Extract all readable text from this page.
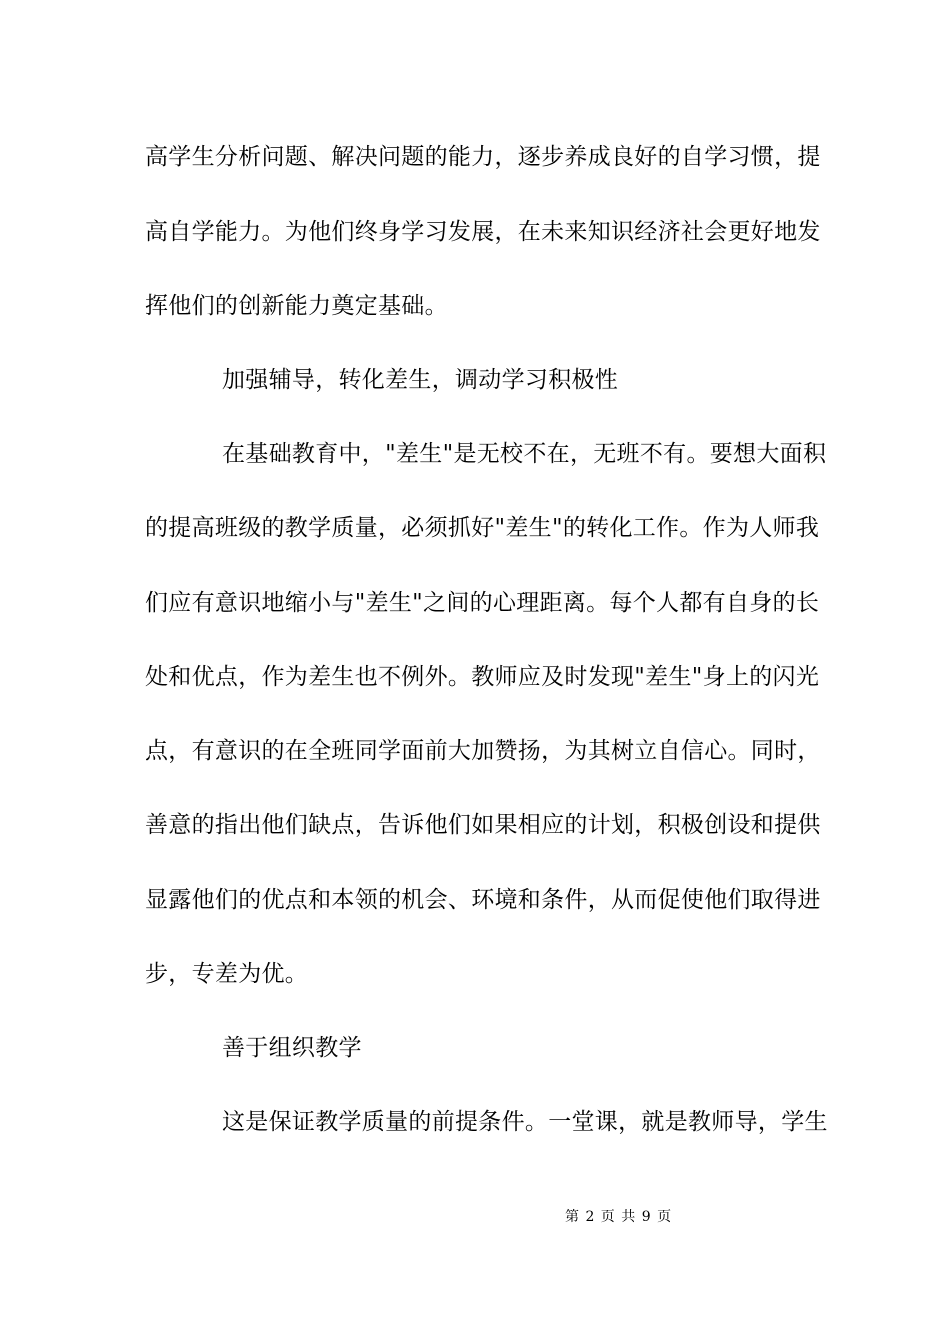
高学生分析问题、解决问题的能力，逐步养成良好的自学习惯，提
高自学能力。为他们终身学习发展，在未来知识经济社会更好地发
挥他们的创新能力奠定基础。
加强辅导，转化差生，调动学习积极性
在基础教育中，"差生"是无校不在，无班不有。要想大面积
的提高班级的教学质量，必须抓好"差生"的转化工作。作为人师我
们应有意识地缩小与"差生"之间的心理距离。每个人都有自身的长
处和优点，作为差生也不例外。教师应及时发现"差生"身上的闪光
点，有意识的在全班同学面前大加赞扬，为其树立自信心。同时，
善意的指出他们缺点，告诉他们如果相应的计划，积极创设和提供
显露他们的优点和本领的机会、环境和条件，从而促使他们取得进
步，专差为优。
善于组织教学
这是保证教学质量的前提条件。一堂课，就是教师导，学生
第 2 页 共 9 页
